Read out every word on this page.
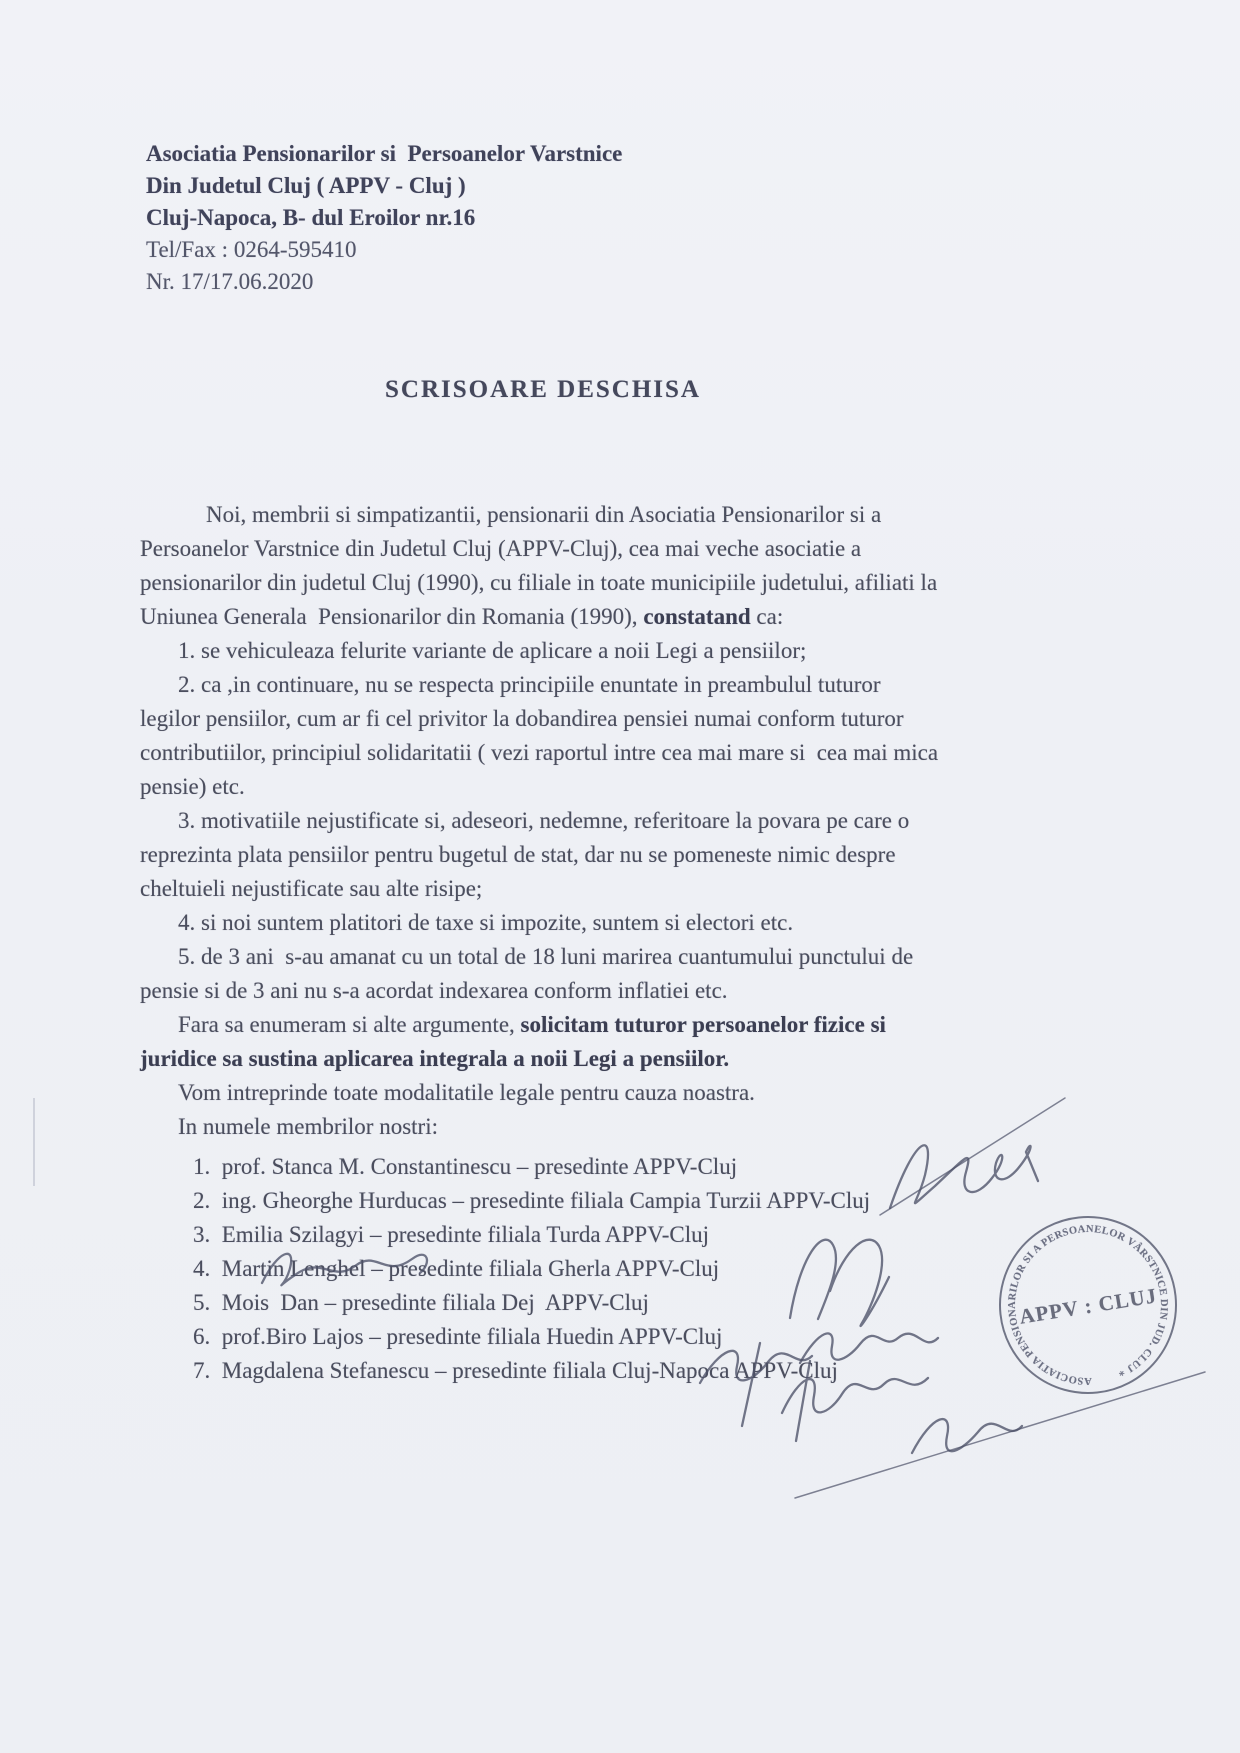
Asociatia Pensionarilor si  Persoanelor Varstnice
Din Judetul Cluj ( APPV - Cluj )
Cluj-Napoca, B- dul Eroilor nr.16
Tel/Fax : 0264-595410
Nr. 17/17.06.2020
SCRISOARE DESCHISA

Noi, membrii si simpatizantii, pensionarii din Asociatia Pensionarilor si a Persoanelor Varstnice din Judetul Cluj (APPV-Cluj), cea mai veche asociatie a pensionarilor din judetul Cluj (1990), cu filiale in toate municipiile judetului, afiliati la Uniunea Generala  Pensionarilor din Romania (1990), constatand ca:

1. se vehiculeaza felurite variante de aplicare a noii Legi a pensiilor;
2. ca ,in continuare, nu se respecta principiile enuntate in preambulul tuturor legilor pensiilor, cum ar fi cel privitor la dobandirea pensiei numai conform tuturor contributiilor, principiul solidaritatii ( vezi raportul intre cea mai mare si  cea mai mica pensie) etc.
3. motivatiile nejustificate si, adeseori, nedemne, referitoare la povara pe care o reprezinta plata pensiilor pentru bugetul de stat, dar nu se pomeneste nimic despre cheltuieli nejustificate sau alte risipe;
4. si noi suntem platitori de taxe si impozite, suntem si electori etc.
5. de 3 ani  s-au amanat cu un total de 18 luni marirea cuantumului punctului de pensie si de 3 ani nu s-a acordat indexarea conform inflatiei etc.

Fara sa enumeram si alte argumente, solicitam tuturor persoanelor fizice si juridice sa sustina aplicarea integrala a noii Legi a pensiilor.

Vom intreprinde toate modalitatile legale pentru cauza noastra.

In numele membrilor nostri:

1.  prof. Stanca M. Constantinescu – presedinte APPV-Cluj
2.  ing. Gheorghe Hurducas – presedinte filiala Campia Turzii APPV-Cluj
3.  Emilia Szilagyi – presedinte filiala Turda APPV-Cluj
4.  Martin Lenghel – presedinte filiala Gherla APPV-Cluj
5.  Mois  Dan – presedinte filiala Dej  APPV-Cluj
6.  prof.Biro Lajos – presedinte filiala Huedin APPV-Cluj
7.  Magdalena Stefanescu – presedinte filiala Cluj-Napoca APPV-Cluj	ASOCIATIA PENSIONARILOR SI A PERSOANELOR VÂRSTNICE DIN JUD. CLUJ ∗
APPV : CLUJ
